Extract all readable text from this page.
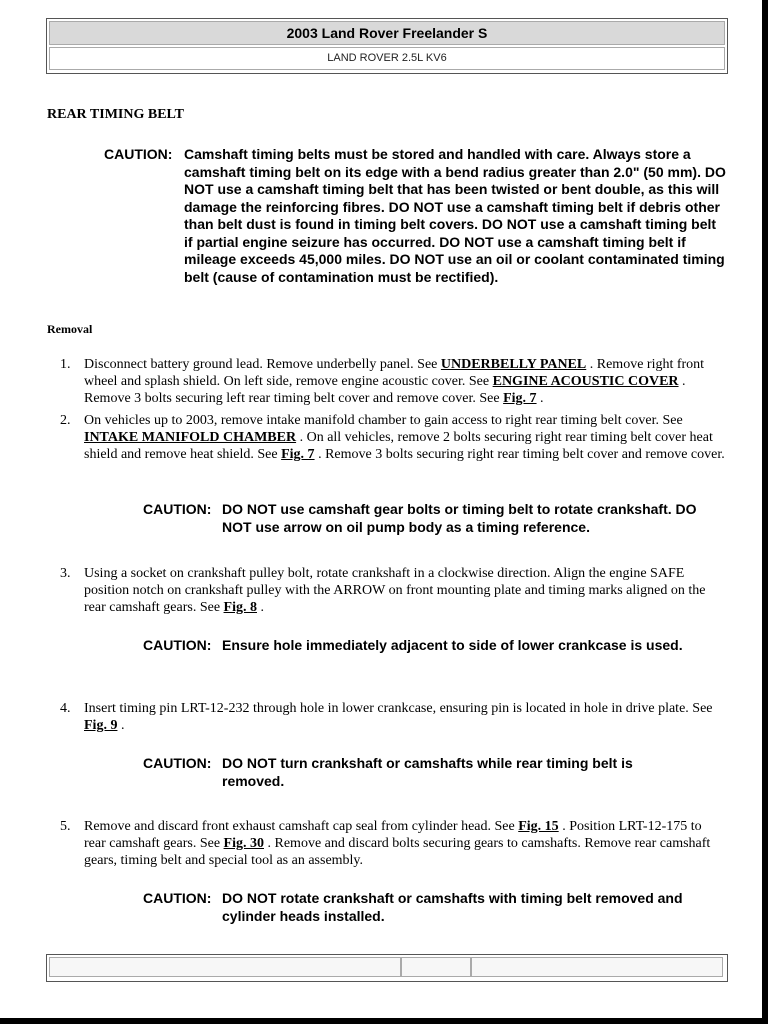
2003 Land Rover Freelander S
LAND ROVER 2.5L KV6
REAR TIMING BELT
CAUTION: Camshaft timing belts must be stored and handled with care. Always store a camshaft timing belt on its edge with a bend radius greater than 2.0" (50 mm). DO NOT use a camshaft timing belt that has been twisted or bent double, as this will damage the reinforcing fibres. DO NOT use a camshaft timing belt if debris other than belt dust is found in timing belt covers. DO NOT use a camshaft timing belt if partial engine seizure has occurred. DO NOT use a camshaft timing belt if mileage exceeds 45,000 miles. DO NOT use an oil or coolant contaminated timing belt (cause of contamination must be rectified).
Removal
1. Disconnect battery ground lead. Remove underbelly panel. See UNDERBELLY PANEL . Remove right front wheel and splash shield. On left side, remove engine acoustic cover. See ENGINE ACOUSTIC COVER . Remove 3 bolts securing left rear timing belt cover and remove cover. See Fig. 7 .
2. On vehicles up to 2003, remove intake manifold chamber to gain access to right rear timing belt cover. See INTAKE MANIFOLD CHAMBER . On all vehicles, remove 2 bolts securing right rear timing belt cover heat shield and remove heat shield. See Fig. 7 . Remove 3 bolts securing right rear timing belt cover and remove cover.
CAUTION: DO NOT use camshaft gear bolts or timing belt to rotate crankshaft. DO NOT use arrow on oil pump body as a timing reference.
3. Using a socket on crankshaft pulley bolt, rotate crankshaft in a clockwise direction. Align the engine SAFE position notch on crankshaft pulley with the ARROW on front mounting plate and timing marks aligned on the rear camshaft gears. See Fig. 8 .
CAUTION: Ensure hole immediately adjacent to side of lower crankcase is used.
4. Insert timing pin LRT-12-232 through hole in lower crankcase, ensuring pin is located in hole in drive plate. See Fig. 9 .
CAUTION: DO NOT turn crankshaft or camshafts while rear timing belt is removed.
5. Remove and discard front exhaust camshaft cap seal from cylinder head. See Fig. 15 . Position LRT-12-175 to rear camshaft gears. See Fig. 30 . Remove and discard bolts securing gears to camshafts. Remove rear camshaft gears, timing belt and special tool as an assembly.
CAUTION: DO NOT rotate crankshaft or camshafts with timing belt removed and cylinder heads installed.
